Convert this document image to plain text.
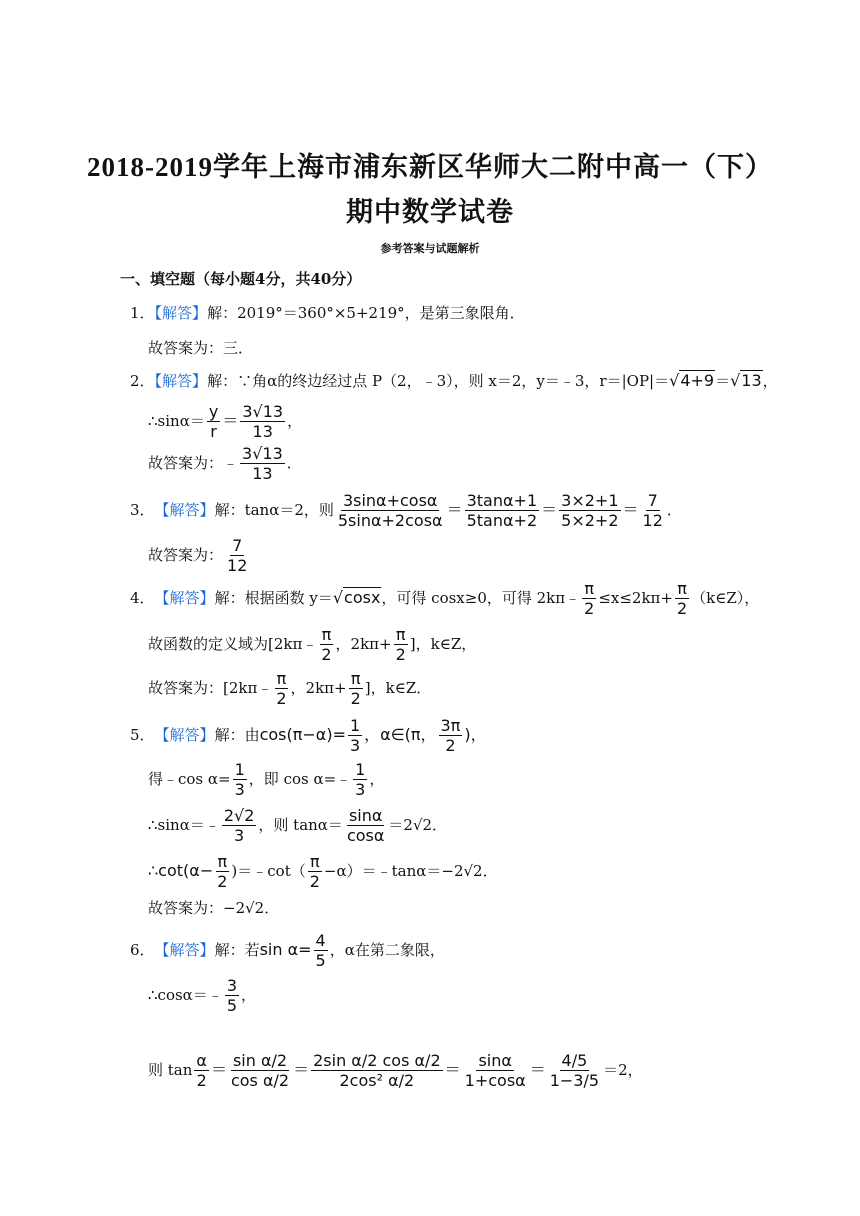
2018-2019学年上海市浦东新区华师大二附中高一（下）
期中数学试卷
参考答案与试题解析
一、填空题（每小题4分，共40分）
1．【解答】解：2019°＝360°×5+219°，是第三象限角．
故答案为：三．
2．【解答】解：∵角α的终边经过点 P（2，﹣3），则 x＝2，y＝﹣3，r＝|OP|＝√4+9＝√13，
∴sinα＝ $\frac{y}{r} = \frac{3√13}{13}$ ，
故答案为：﹣ $\frac{3√13}{13}$ ．
3． 【解答】 解：tanα＝2，则 $\frac{3\sin\alpha+\cos\alpha}{5\sin\alpha+2\cos\alpha} = \frac{3\tan\alpha+1}{5\tan\alpha+2} = \frac{3\times 2+1}{5\times 2+2} = \frac{7}{12}$ ．
故答案为： $\frac{7}{12}$
4． 【解答】 解：根据函数 y＝ √cosx ，可得 cosx≥0，可得 2kπ﹣ $\frac{\pi}{2} \le x\le 2k\pi+ \frac{\pi}{2}$ （k∈Z），
故函数的定义域为[2kπ﹣ $\frac{\pi}{2}$ ，$2k\pi+ \frac{\pi}{2}$ ]，k∈Z，
故答案为：[2kπ﹣ $\frac{\pi}{2}$ ，$2k\pi+ \frac{\pi}{2}$ ]，k∈Z．
5． 【解答】 解：由 $\cos(\pi-\alpha)= \frac{1}{3}$ ，α∈(π， $\frac{3\pi}{2}$ )，
得﹣cos $\alpha= \frac{1}{3}$ ，即 cos α=﹣ $\frac{1}{3}$ ，
∴sinα＝﹣ $\frac{2√2}{3}$ ，则 $\tan\alpha= \frac{\sin\alpha}{\cos\alpha} =2√2$．
∴cot(α− $\frac{\pi}{2}$ )＝﹣cot（ $\frac{\pi}{2}$ −α）＝﹣tanα＝−2√2．
故答案为：−2√2．
6． 【解答】 解：若 $\sin \alpha= \frac{4}{5}$ ，α在第二象限，
∴cosα＝﹣ $\frac{3}{5}$ ，
则 $\tan \frac{\alpha}{2} = \frac{\text{sin α/2}}{\text{cos α/2}} = \frac{\text{2sin α/2 cos α/2}}{\text{2cos² α/2}} = \frac{\sin\alpha}{1+\cos\alpha} = \frac{4/5}{1-3/5} =2$，
